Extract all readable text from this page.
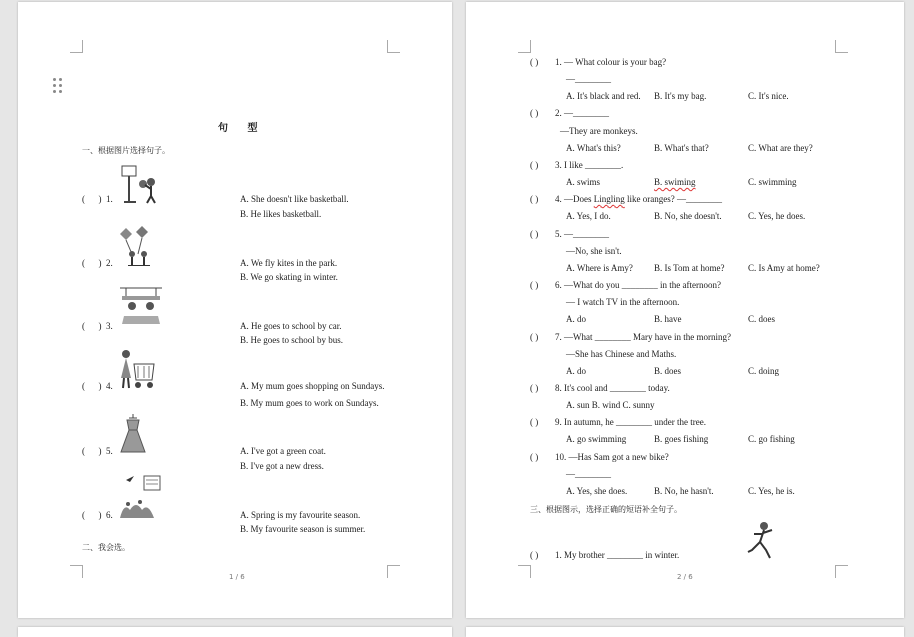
句 型
一、根据图片选择句子。
(      ) 1.	A. She doesn't like basketball.
B. He likes basketball.
(      ) 2.	A. We fly kites in the park.
B. We go skating in winter.
(      ) 3.	A. He goes to school by car.
B. He goes to school by bus.
(      ) 4.	A. My mum goes shopping on Sundays.
B. My mum goes to work on Sundays.
(      ) 5.	A. I've got a green coat.
B. I've got a new dress.
(      ) 6.	A. Spring is my favourite season.
B. My favourite season is summer.
二、我会选。
1 / 6
( ) 1. — What colour is your bag?
—________
A. It's black and red. B. It's my bag.	C. It's nice.
( ) 2. —________
—They are monkeys.
A. What's this?	B. What's that?	C. What are they?
( ) 3. I like ________.
A. swims	B. swiming	C. swimming
( ) 4. —Does Lingling like oranges? —________
A. Yes, I do.	B. No, she doesn't.	C. Yes, he does.
( ) 5. —________
—No, she isn't.
A. Where is Amy? B. Is Tom at home?	C. Is Amy at home?
( ) 6. —What do you ________ in the afternoon?
— I watch TV in the afternoon.
A. do	B. have	C. does
( ) 7. —What ________ Mary have in the morning?
—She has Chinese and Maths.
A. do	B. does	C. doing
( ) 8. It's cool and ________ today.
A. sun B. wind C. sunny
( ) 9. In autumn, he ________ under the tree.
A. go swimming	B. goes fishing	C. go fishing
( ) 10. —Has Sam got a new bike?
—________
A. Yes, she does.	B. No, he hasn't.	C. Yes, he is.
三、根据图示，选择正确的短语补全句子。
( ) 1. My brother ________ in winter.
2 / 6
